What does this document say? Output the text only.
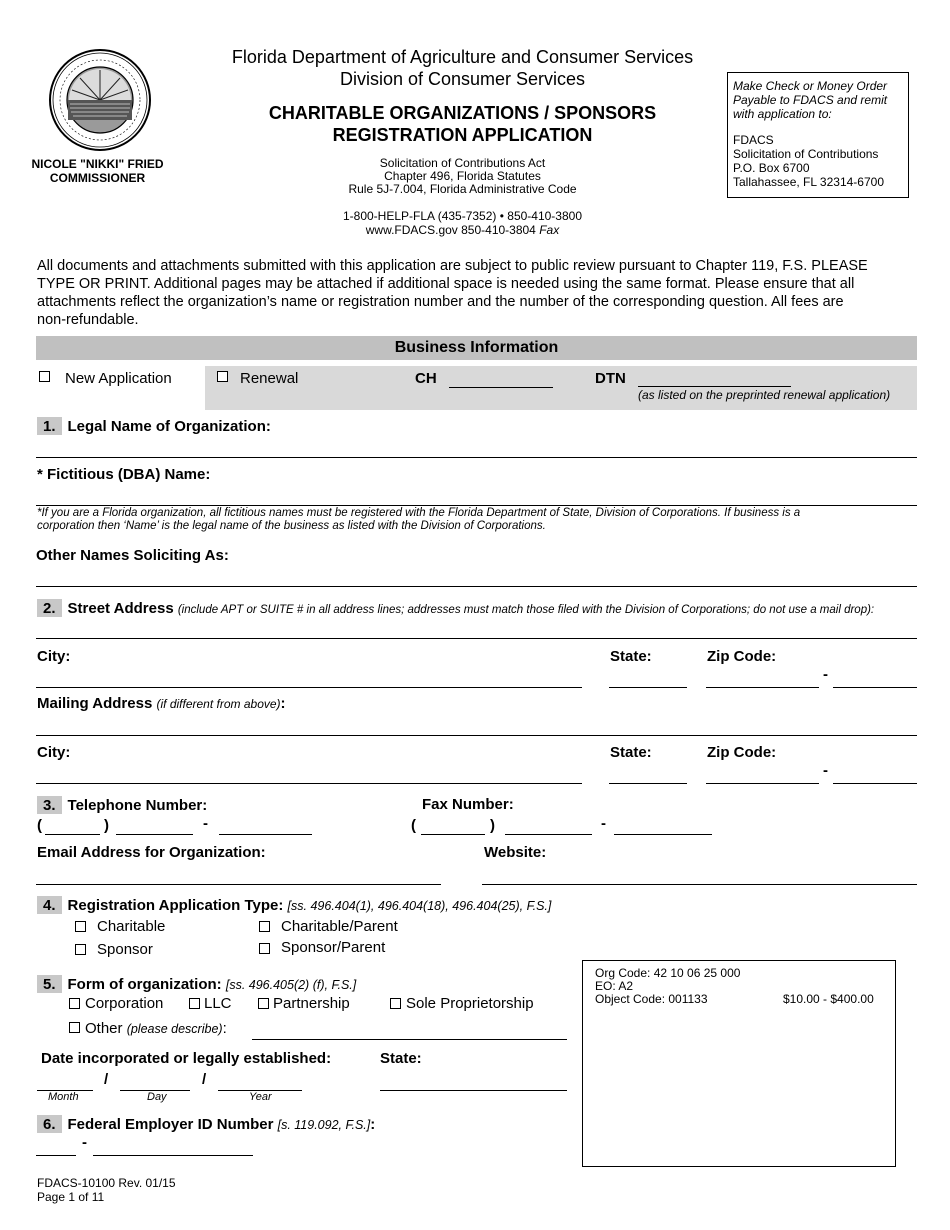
NICOLE "NIKKI" FRIED
COMMISSIONER
Florida Department of Agriculture and Consumer Services
Division of Consumer Services
CHARITABLE ORGANIZATIONS / SPONSORS
REGISTRATION APPLICATION
Solicitation of Contributions Act
Chapter 496, Florida Statutes
Rule 5J-7.004, Florida Administrative Code
1-800-HELP-FLA (435-7352) • 850-410-3800
www.FDACS.gov 850-410-3804 Fax
Make Check or Money Order
Payable to FDACS and remit
with application to:
FDACS
Solicitation of Contributions
P.O. Box 6700
Tallahassee, FL 32314-6700
All documents and attachments submitted with this application are subject to public review pursuant to Chapter 119, F.S. PLEASE
TYPE OR PRINT. Additional pages may be attached if additional space is needed using the same format. Please ensure that all
attachments reflect the organization’s name or registration number and the number of the corresponding question. All fees are
non-refundable.
Business Information
New Application	Renewal	CH	DTN
(as listed on the preprinted renewal application)
1. Legal Name of Organization:
* Fictitious (DBA) Name:
*If you are a Florida organization, all fictitious names must be registered with the Florida Department of State, Division of Corporations. If business is a
corporation then ‘Name’ is the legal name of the business as listed with the Division of Corporations.
Other Names Soliciting As:
2. Street Address (include APT or SUITE # in all address lines; addresses must match those filed with the Division of Corporations; do not use a mail drop):
City:	State:	Zip Code:
-
Mailing Address (if different from above):
City:	State:	Zip Code:
-
3. Telephone Number:	Fax Number:
(	)	-	(	)	-
Email Address for Organization:	Website:
4. Registration Application Type: [ss. 496.404(1), 496.404(18), 496.404(25), F.S.]
Charitable	Charitable/Parent
Sponsor	Sponsor/Parent
5. Form of organization: [ss. 496.405(2) (f), F.S.]
Corporation	LLC	Partnership	Sole Proprietorship
Other (please describe):
Date incorporated or legally established:	State:
/	/
Month	Day	Year
6. Federal Employer ID Number [s. 119.092, F.S.]:
-
Org Code: 42 10 06 25 000
EO: A2
Object Code: 001133	$10.00 - $400.00
FDACS-10100 Rev. 01/15
Page 1 of 11
